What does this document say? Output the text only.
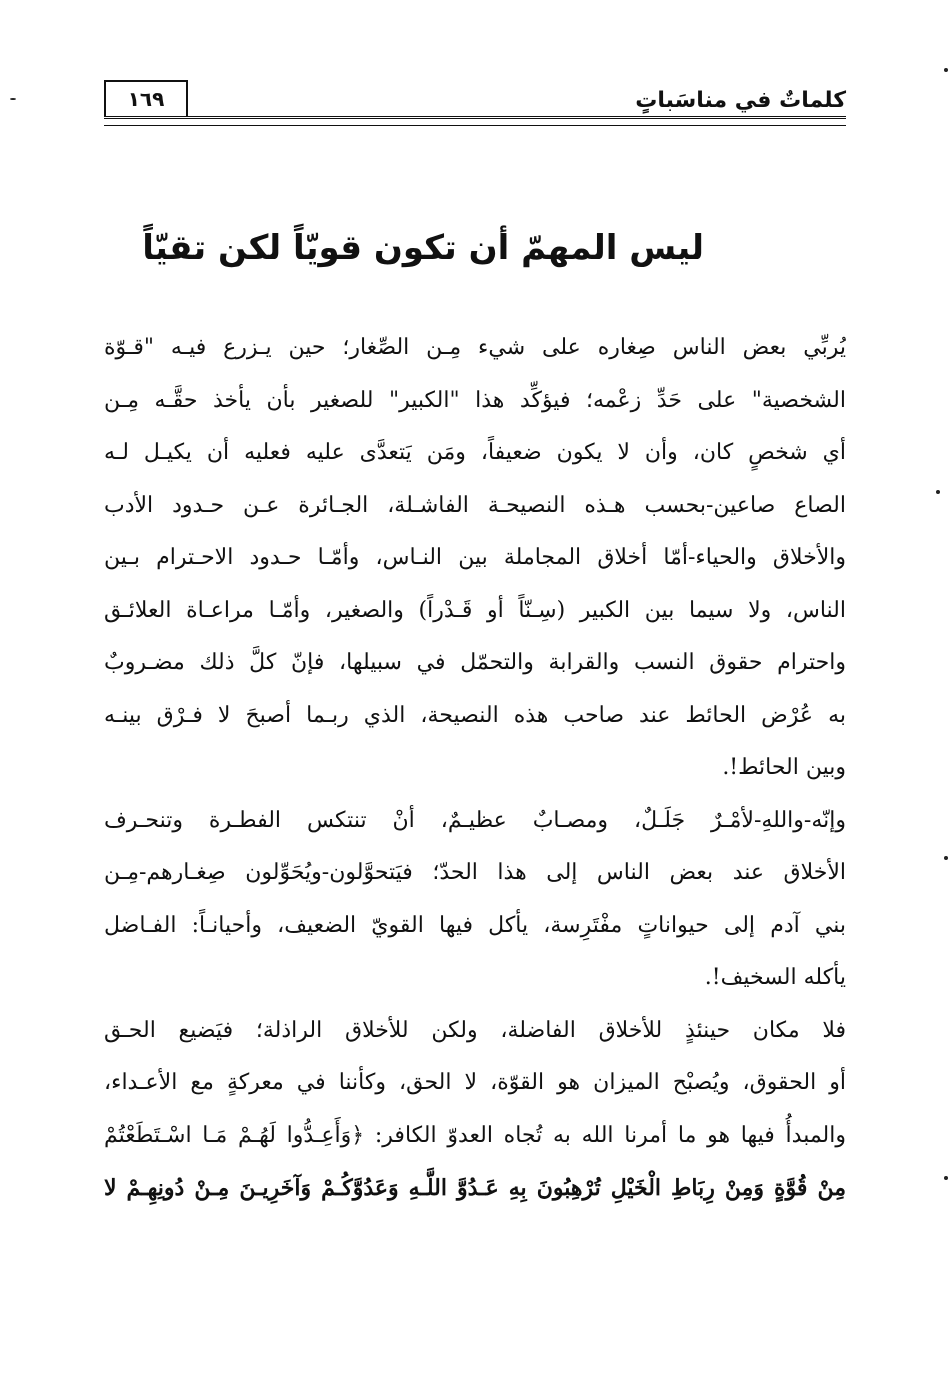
١٦٩	كلماتٌ في مناسَباتٍ
ليس المهمّ أن تكون قويّاً لكن تقيّاً
يُربِّي بعض الناس صِغاره على شيء مِـن الصِّغار؛ حين يـزرع فيـه "قـوّة
الشخصية" على حَدِّ زعْمه؛ فيؤكِّد هذا "الكبير" للصغير بأن يأخذ حقَّـه مِـن
أي شخصٍ كان، وأن لا يكون ضعيفاً، ومَن يَتعدَّى عليه فعليه أن يكيـل لـه
الصاع صاعين-بحسب هـذه النصيحـة الفاشـلة، الجـائرة عـن حـدود الأدب
والأخلاق والحياء-أمّا أخلاق المجاملة بين النـاس، وأمّـا حـدود الاحـترام بـين
الناس، ولا سيما بين الكبير (سِـنّاً أو قَـدْراً) والصغير، وأمّـا مراعـاة العلائـق
واحترام حقوق النسب والقرابة والتحمّل في سبيلها، فإنّ كلَّ ذلك مضـروبٌ
به عُرْض الحائط عند صاحب هذه النصيحة، الذي ربـما أصبحَ لا فـرْق بينـه
وبين الحائط!.
وإنّه-واللهِ-لأمْـرٌ جَلَـلٌ، ومصـابٌ عظيـمٌ، أنْ تنتكس الفطـرة وتنحـرف
الأخلاق عند بعض الناس إلى هذا الحدّ؛ فيَتحوَّلون-ويُحَوِّلون صِغـارهم-مِـن
بني آدم إلى حيواناتٍ مفْتَرِسة، يأكل فيها القويّ الضعيف، وأحيانـاً: الفـاضل
يأكله السخيف!.
فلا مكان حينئذٍ للأخلاق الفاضلة، ولكن للأخلاق الراذلة؛ فيَضيع الحـق
أو الحقوق، ويُصبْح الميزان هو القوّة، لا الحق، وكأننا في معركةٍ مع الأعـداء،
والمبدأُ فيها هو ما أمرنا الله به تُجاه العدوّ الكافر: ﴿وَأَعِـدُّوا لَهُـمْ مَـا اسْـتَطَعْتُمْ
مِنْ قُوَّةٍ وَمِنْ رِبَاطِ الْخَيْلِ تُرْهِبُونَ بِهِ عَـدُوَّ اللَّـهِ وَعَدُوَّكُـمْ وَآخَرِيـنَ مِـنْ دُونِهِـمْ لا
